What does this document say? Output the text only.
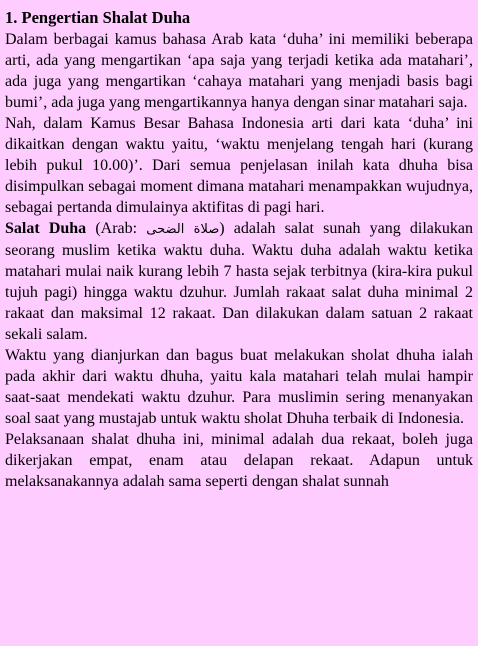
1. Pengertian Shalat Duha

Dalam berbagai kamus bahasa Arab kata ‘duha’ ini memiliki beberapa arti, ada yang mengartikan ‘apa saja yang terjadi ketika ada matahari’, ada juga yang mengartikan ‘cahaya matahari yang menjadi basis bagi bumi’, ada juga yang mengartikannya hanya dengan sinar matahari saja.

Nah, dalam Kamus Besar Bahasa Indonesia arti dari kata ‘duha’ ini dikaitkan dengan waktu yaitu, ‘waktu menjelang tengah hari (kurang lebih pukul 10.00)’. Dari semua penjelasan inilah kata dhuha bisa disimpulkan sebagai moment dimana matahari menampakkan wujudnya, sebagai pertanda dimulainya aktifitas di pagi hari.

Salat Duha (Arab: صلاة الضحى) adalah salat sunah yang dilakukan seorang muslim ketika waktu duha. Waktu duha adalah waktu ketika matahari mulai naik kurang lebih 7 hasta sejak terbitnya (kira-kira pukul tujuh pagi) hingga waktu dzuhur. Jumlah rakaat salat duha minimal 2 rakaat dan maksimal 12 rakaat. Dan dilakukan dalam satuan 2 rakaat sekali salam.

Waktu yang dianjurkan dan bagus buat melakukan sholat dhuha ialah pada akhir dari waktu dhuha, yaitu kala matahari telah mulai hampir saat-saat mendekati waktu dzuhur. Para muslimin sering menanyakan soal saat yang mustajab untuk waktu sholat Dhuha terbaik di Indonesia.

Pelaksanaan shalat dhuha ini, minimal adalah dua rekaat, boleh juga dikerjakan empat, enam atau delapan rekaat. Adapun untuk melaksanakannya adalah sama seperti dengan shalat sunnah
